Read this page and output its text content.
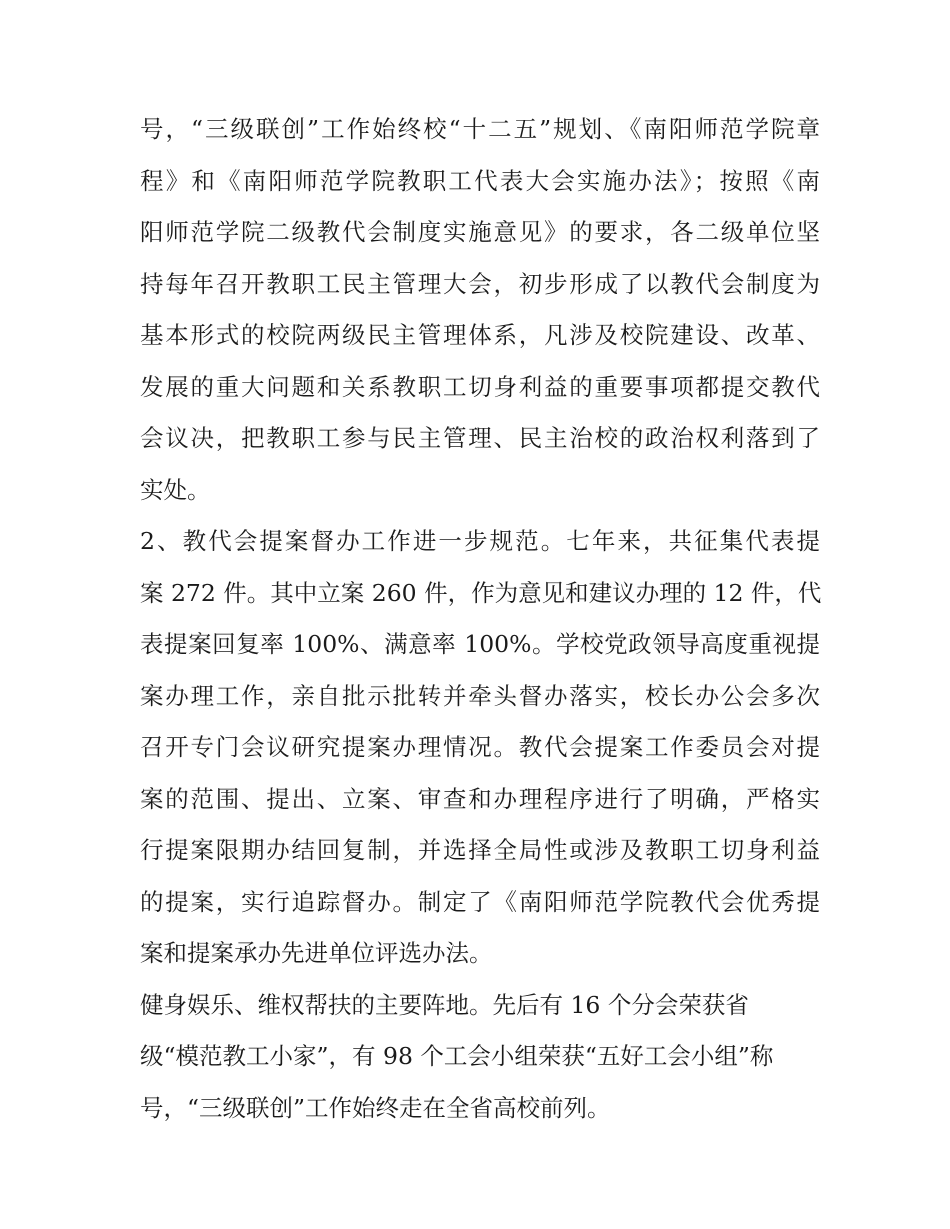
号，“三级联创”工作始终校“十二五”规划、《南阳师范学院章
程》和《南阳师范学院教职工代表大会实施办法》；按照《南
阳师范学院二级教代会制度实施意见》的要求，各二级单位坚
持每年召开教职工民主管理大会，初步形成了以教代会制度为
基本形式的校院两级民主管理体系，凡涉及校院建设、改革、
发展的重大问题和关系教职工切身利益的重要事项都提交教代
会议决，把教职工参与民主管理、民主治校的政治权利落到了
实处。
2、教代会提案督办工作进一步规范。七年来，共征集代表提
案 272 件。其中立案 260 件，作为意见和建议办理的 12 件，代
表提案回复率 100%、满意率 100%。学校党政领导高度重视提
案办理工作，亲自批示批转并牵头督办落实，校长办公会多次
召开专门会议研究提案办理情况。教代会提案工作委员会对提
案的范围、提出、立案、审查和办理程序进行了明确，严格实
行提案限期办结回复制，并选择全局性或涉及教职工切身利益
的提案，实行追踪督办。制定了《南阳师范学院教代会优秀提
案和提案承办先进单位评选办法。
健身娱乐、维权帮扶的主要阵地。先后有 16 个分会荣获省
级“模范教工小家”，有 98 个工会小组荣获“五好工会小组”称
号，“三级联创”工作始终走在全省高校前列。
